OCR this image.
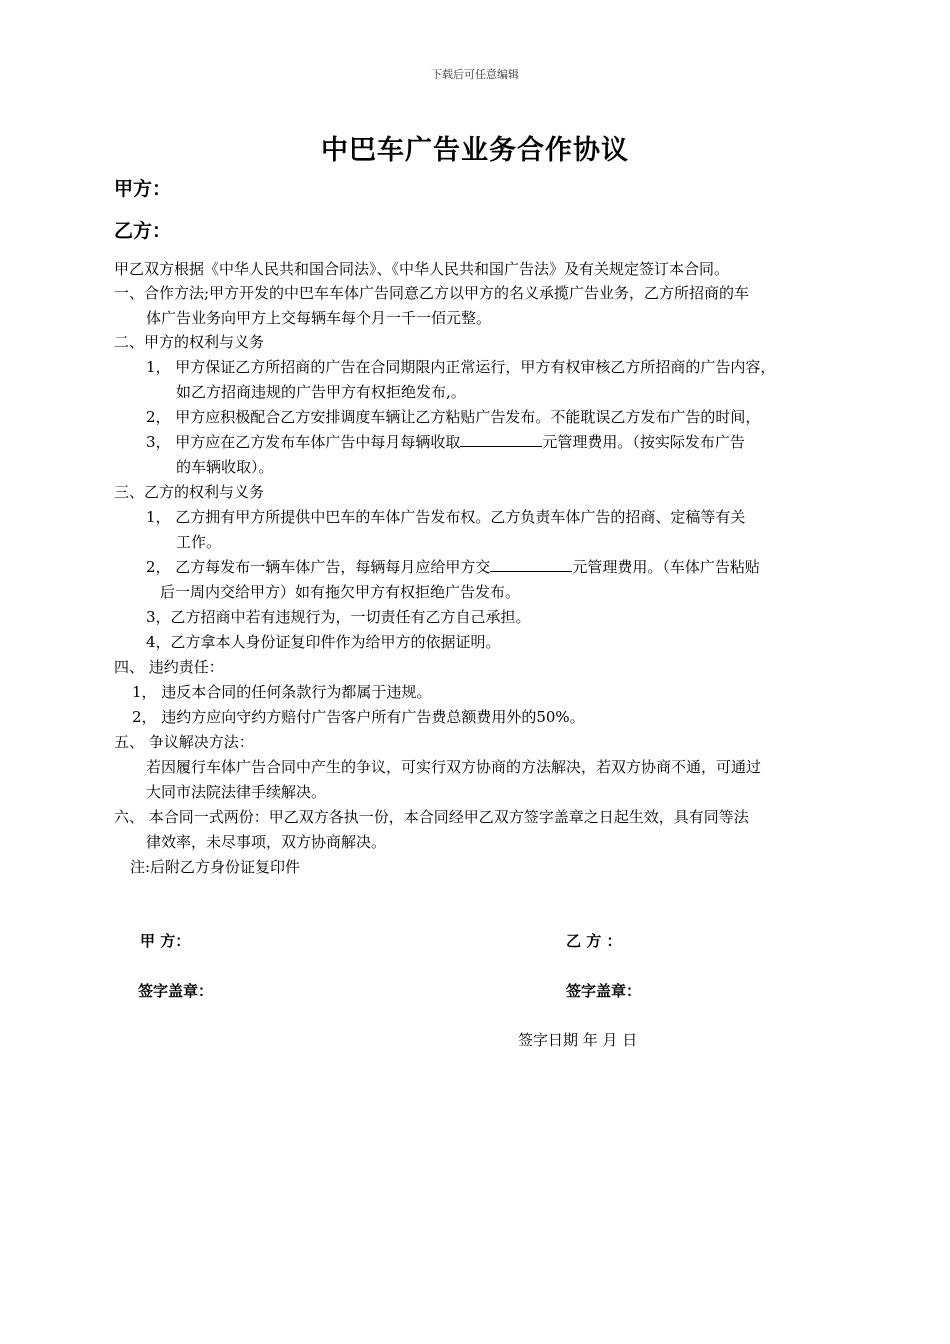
下载后可任意编辑
中巴车广告业务合作协议
甲方：
乙方：
甲乙双方根据《中华人民共和国合同法》、《中华人民共和国广告法》及有关规定签订本合同。
一、合作方法;甲方开发的中巴车车体广告同意乙方以甲方的名义承揽广告业务，乙方所招商的车
体广告业务向甲方上交每辆车每个月一千一佰元整。
二、甲方的权利与义务
1， 甲方保证乙方所招商的广告在合同期限内正常运行，甲方有权审核乙方所招商的广告内容，
如乙方招商违规的广告甲方有权拒绝发布,。
2， 甲方应积极配合乙方安排调度车辆让乙方粘贴广告发布。不能耽误乙方发布广告的时间，
3， 甲方应在乙方发布车体广告中每月每辆收取	元管理费用。（按实际发布广告
的车辆收取）。
三、乙方的权利与义务
1， 乙方拥有甲方所提供中巴车的车体广告发布权。乙方负责车体广告的招商、定稿等有关
工作。
2， 乙方每发布一辆车体广告，每辆每月应给甲方交	元管理费用。（车体广告粘贴
后一周内交给甲方）如有拖欠甲方有权拒绝广告发布。
3，乙方招商中若有违规行为，一切责任有乙方自己承担。
4，乙方拿本人身份证复印件作为给甲方的依据证明。
四、 违约责任：
1， 违反本合同的任何条款行为都属于违规。
2， 违约方应向守约方赔付广告客户所有广告费总额费用外的50%。
五、 争议解决方法：
若因履行车体广告合同中产生的争议，可实行双方协商的方法解决，若双方协商不通，可通过
大同市法院法律手续解决。
六、 本合同一式两份：甲乙双方各执一份，本合同经甲乙双方签字盖章之日起生效，具有同等法
律效率，未尽事项，双方协商解决。
注:后附乙方身份证复印件
甲 方：	乙 方 ：
签字盖章：	签字盖章：
签字日期 年 月 日
